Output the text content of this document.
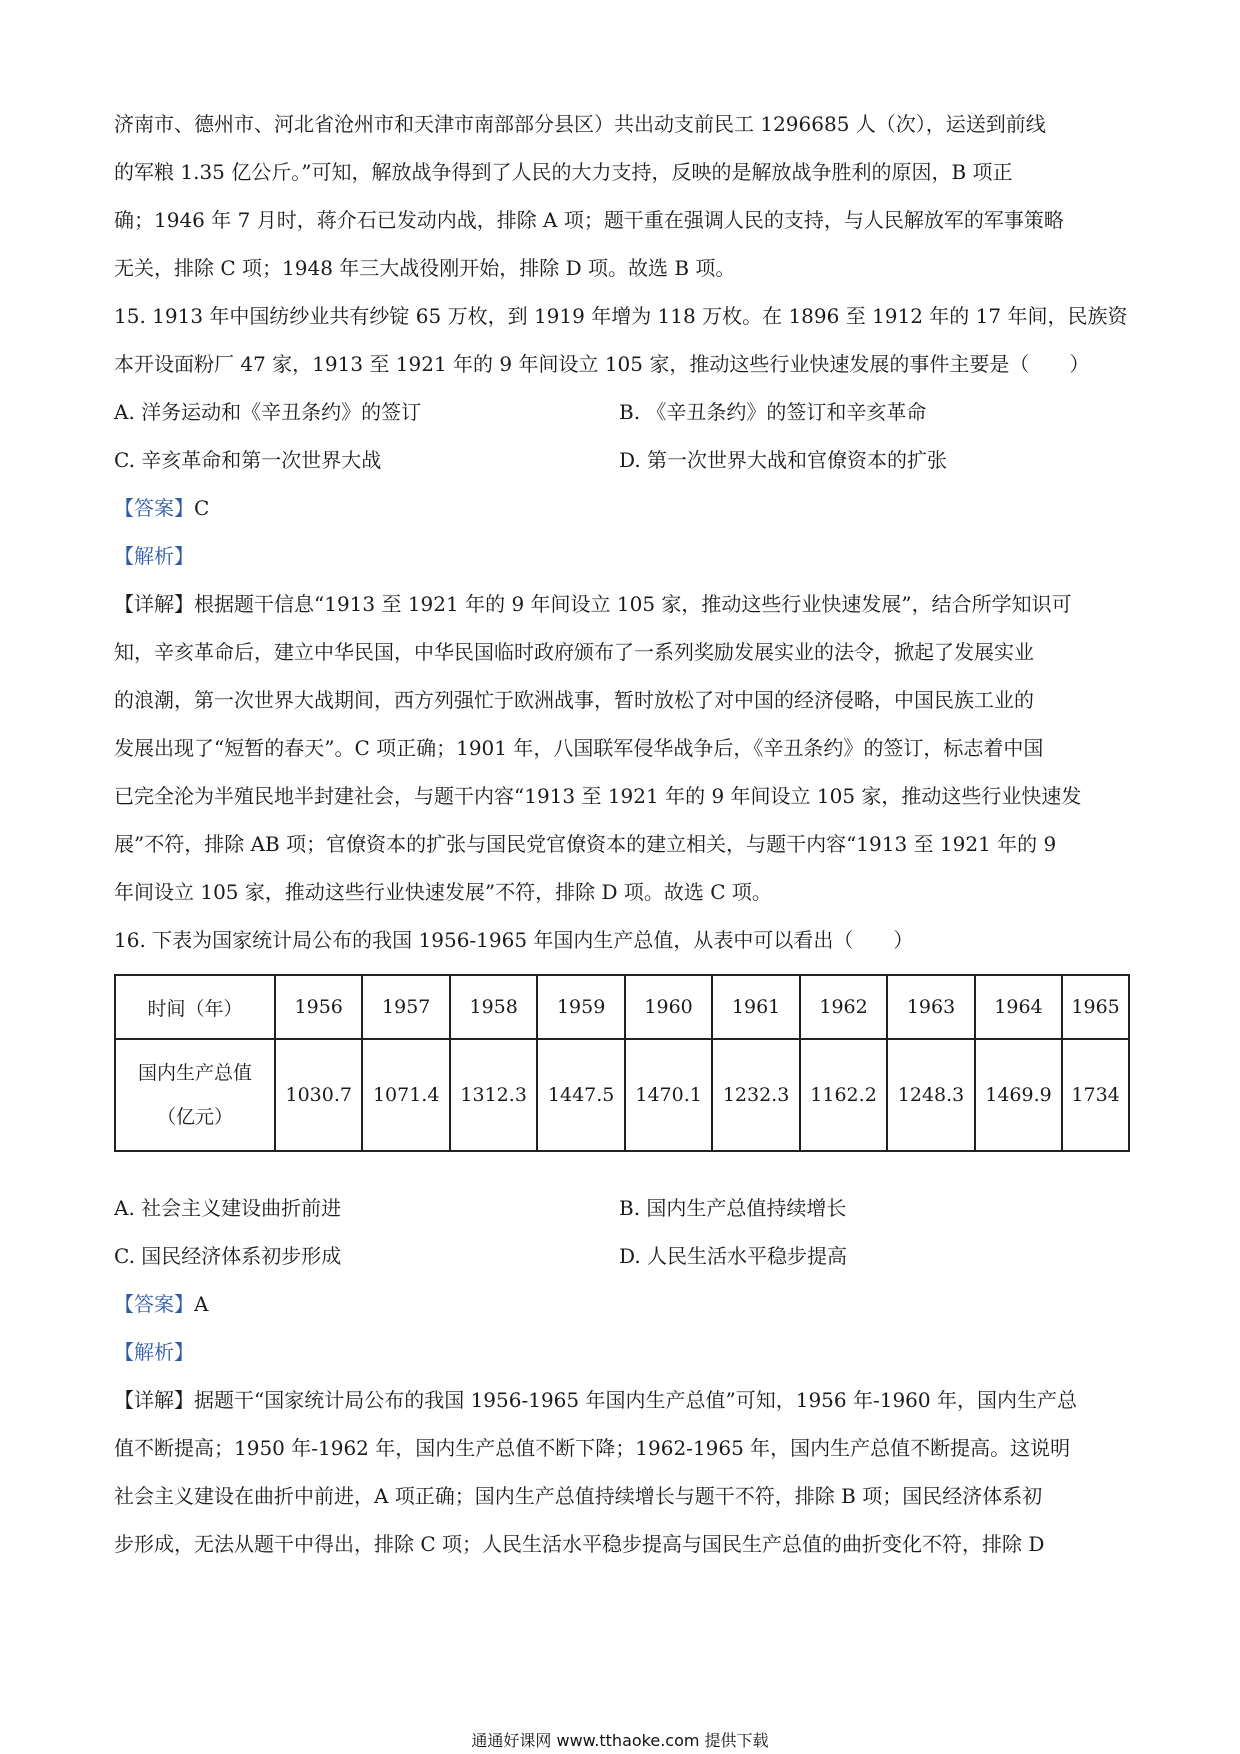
济南市、德州市、河北省沧州市和天津市南部部分县区）共出动支前民工 1296685 人（次），运送到前线
的军粮 1.35 亿公斤。”可知，解放战争得到了人民的大力支持，反映的是解放战争胜利的原因，B 项正
确；1946 年 7 月时，蒋介石已发动内战，排除 A 项；题干重在强调人民的支持，与人民解放军的军事策略
无关，排除 C 项；1948 年三大战役刚开始，排除 D 项。故选 B 项。
15. 1913 年中国纺纱业共有纱锭 65 万枚，到 1919 年增为 118 万枚。在 1896 至 1912 年的 17 年间，民族资
本开设面粉厂 47 家，1913 至 1921 年的 9 年间设立 105 家，推动这些行业快速发展的事件主要是（　　）
A. 洋务运动和《辛丑条约》的签订	B. 《辛丑条约》的签订和辛亥革命
C. 辛亥革命和第一次世界大战	D. 第一次世界大战和官僚资本的扩张
【答案】C
【解析】
【详解】根据题干信息“1913 至 1921 年的 9 年间设立 105 家，推动这些行业快速发展”，结合所学知识可
知，辛亥革命后，建立中华民国，中华民国临时政府颁布了一系列奖励发展实业的法令，掀起了发展实业
的浪潮，第一次世界大战期间，西方列强忙于欧洲战事，暂时放松了对中国的经济侵略，中国民族工业的
发展出现了“短暂的春天”。C 项正确；1901 年，八国联军侵华战争后，《辛丑条约》的签订，标志着中国
已完全沦为半殖民地半封建社会，与题干内容“1913 至 1921 年的 9 年间设立 105 家，推动这些行业快速发
展”不符，排除 AB 项；官僚资本的扩张与国民党官僚资本的建立相关，与题干内容“1913 至 1921 年的 9
年间设立 105 家，推动这些行业快速发展”不符，排除 D 项。故选 C 项。
16. 下表为国家统计局公布的我国 1956-1965 年国内生产总值，从表中可以看出（　　）
时间（年）	1956	1957	1958	1959	1960	1961	1962	1963	1964	1965

国内生产总值
（亿元）	1030.7	1071.4	1312.3	1447.5	1470.1	1232.3	1162.2	1248.3	1469.9	1734
A. 社会主义建设曲折前进	B. 国内生产总值持续增长
C. 国民经济体系初步形成	D. 人民生活水平稳步提高
【答案】A
【解析】
【详解】据题干“国家统计局公布的我国 1956-1965 年国内生产总值”可知，1956 年-1960 年，国内生产总
值不断提高；1950 年-1962 年，国内生产总值不断下降；1962-1965 年，国内生产总值不断提高。这说明
社会主义建设在曲折中前进，A 项正确；国内生产总值持续增长与题干不符，排除 B 项；国民经济体系初
步形成，无法从题干中得出，排除 C 项；人民生活水平稳步提高与国民生产总值的曲折变化不符，排除 D
通通好课网 www.tthaoke.com 提供下载
